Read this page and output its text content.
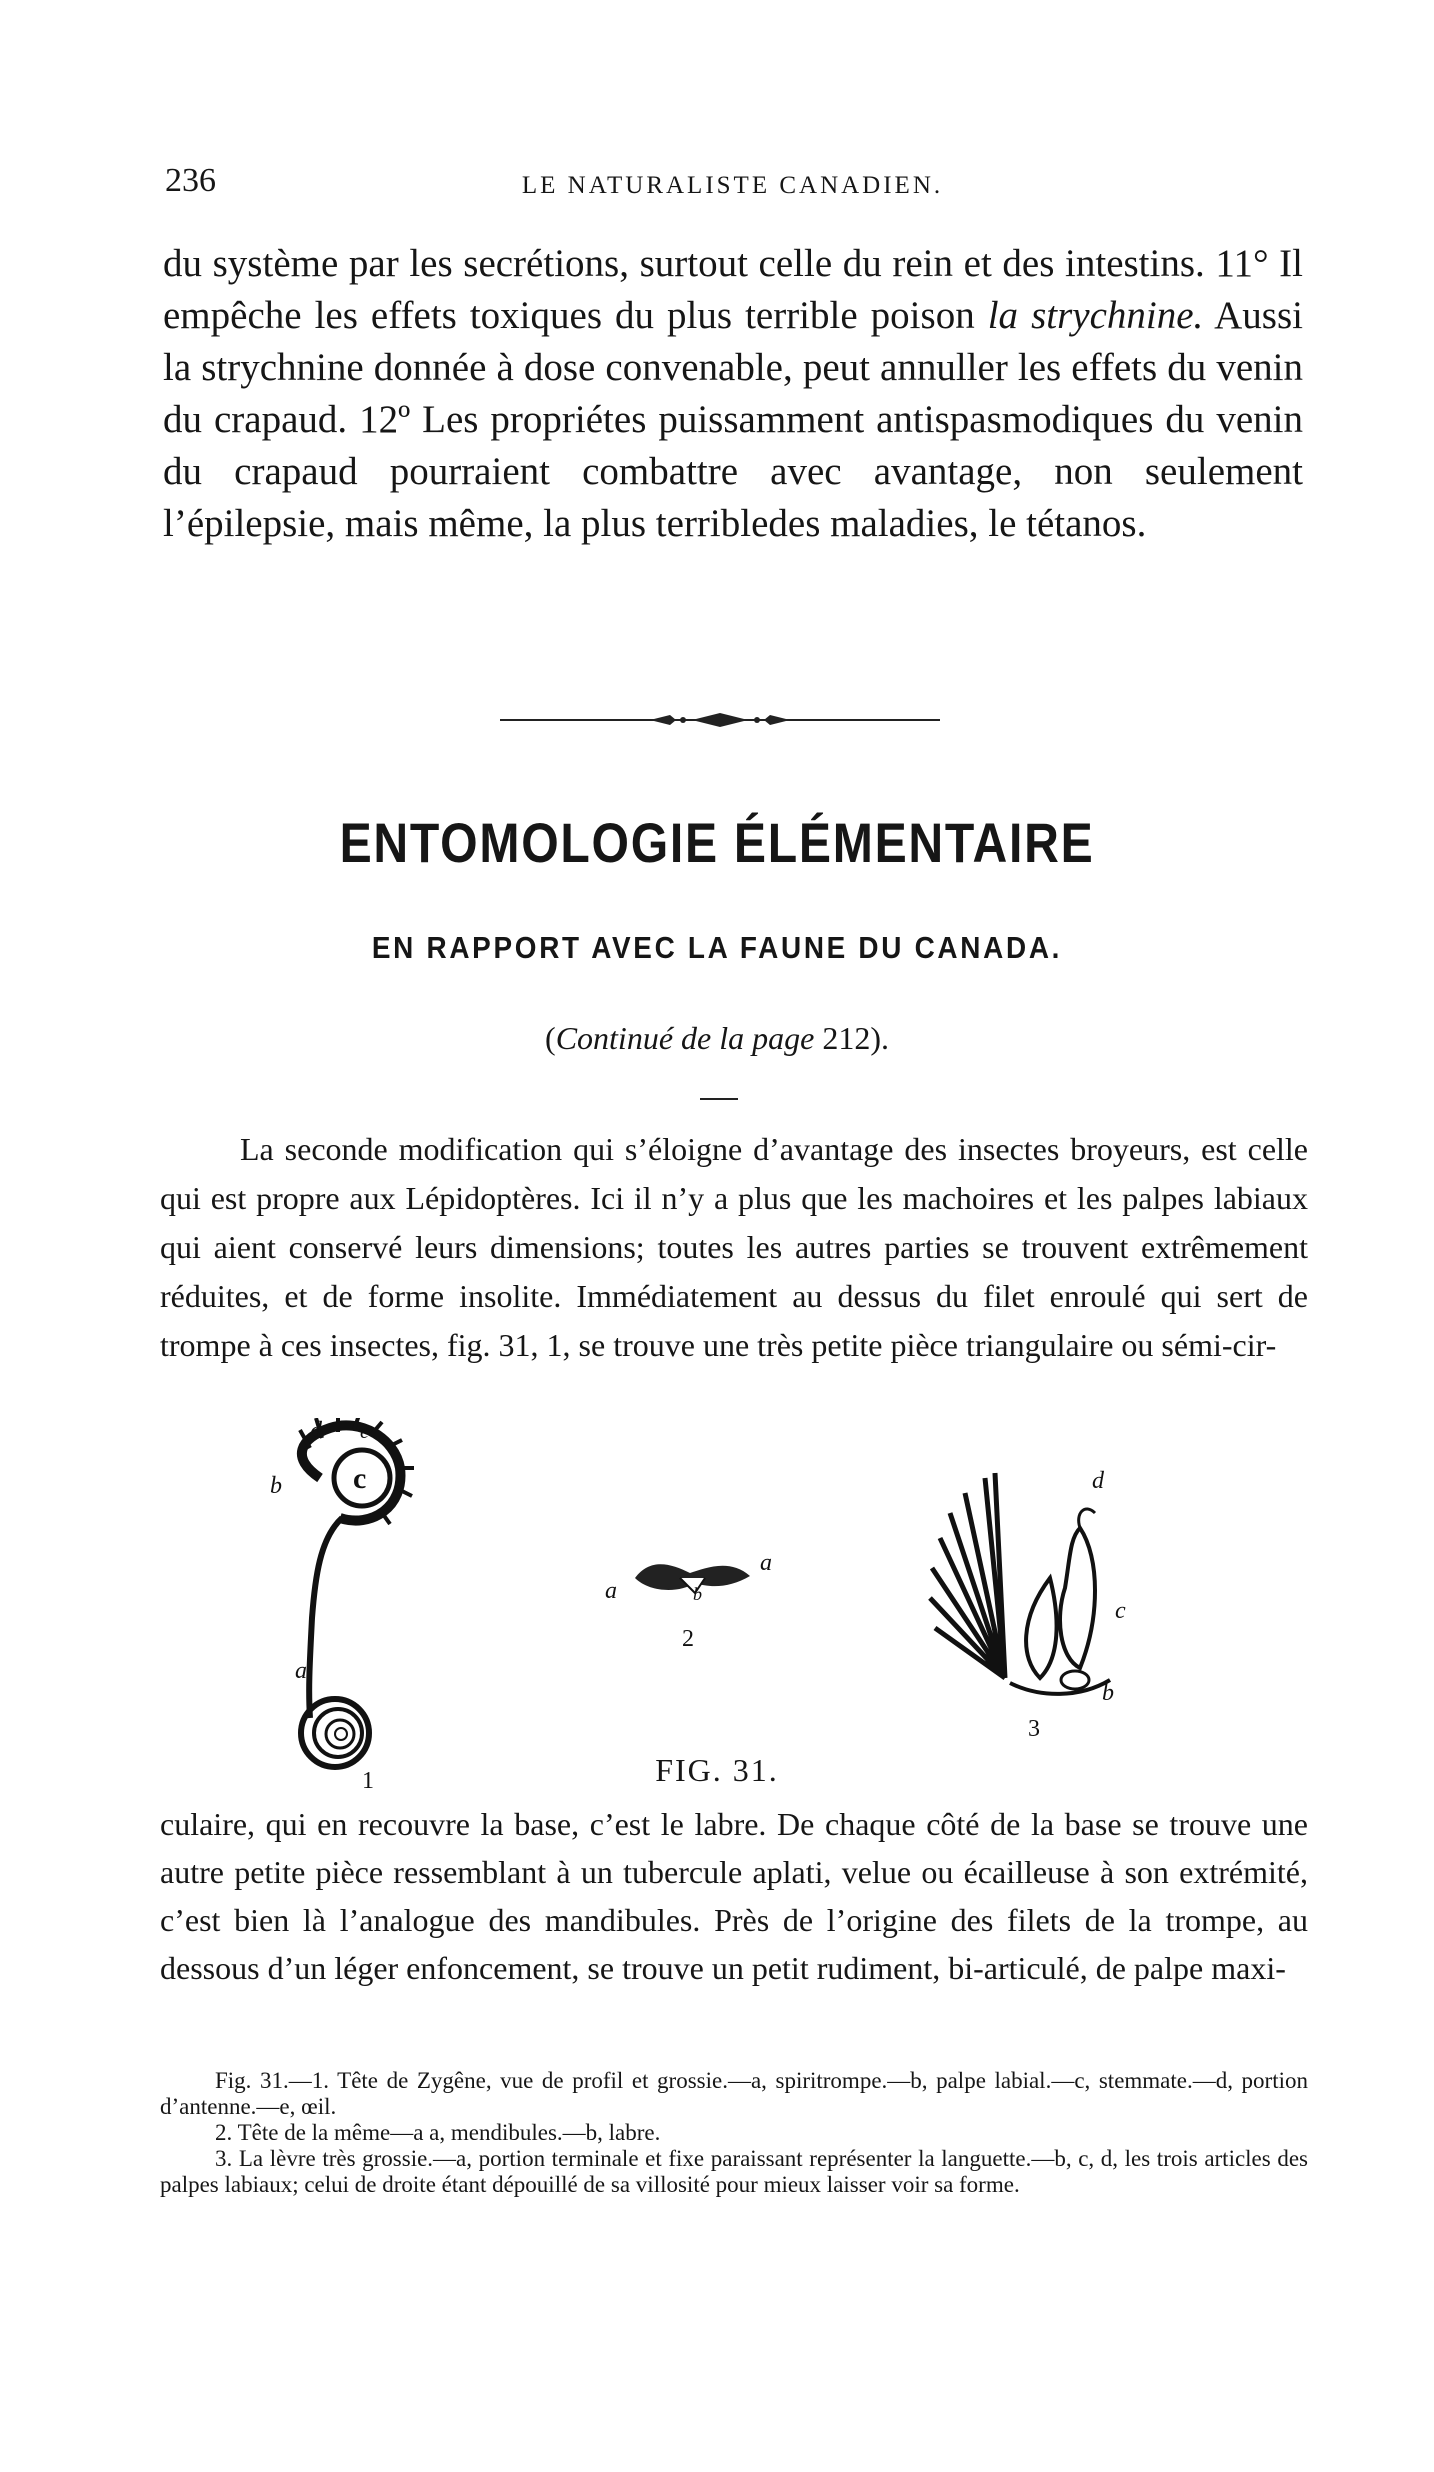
236	LE NATURALISTE CANADIEN.

du système par les secrétions, surtout celle du rein et des intestins. 11° Il empêche les effets toxiques du plus terrible poison la strychnine. Aussi la strychnine donnée à dose convenable, peut annuller les effets du venin du crapaud. 12º Les propriétes puissamment antispasmodiques du venin du crapaud pourraient combattre avec avantage, non seulement l’épilepsie, mais même, la plus terribledes maladies, le tétanos.

ENTOMOLOGIE ÉLÉMENTAIRE
EN RAPPORT AVEC LA FAUNE DU CANADA.
(Continué de la page 212).

La seconde modification qui s’éloigne d’avantage des insectes broyeurs, est celle qui est propre aux Lépidoptères. Ici il n’y a plus que les machoires et les palpes labiaux qui aient conservé leurs dimensions; toutes les autres parties se trouvent extrêmement réduites, et de forme insolite. Immédiatement au dessus du filet enroulé qui sert de trompe à ces insectes, fig. 31, 1, se trouve une très petite pièce triangulaire ou sémi-cir-

c
d e
b
a
1
a
a
b
2
d
c
b
3
FIG. 31.

culaire, qui en recouvre la base, c’est le labre. De chaque côté de la base se trouve une autre petite pièce ressemblant à un tubercule aplati, velue ou écailleuse à son extrémité, c’est bien là l’analogue des mandibules. Près de l’origine des filets de la trompe, au dessous d’un léger enfoncement, se trouve un petit rudiment, bi-articulé, de palpe maxi-

Fig. 31.—1. Tête de Zygêne, vue de profil et grossie.—a, spiritrompe.—b, palpe labial.—c, stemmate.—d, portion d’antenne.—e, œil.

2. Tête de la même—a a, mendibules.—b, labre.

3. La lèvre très grossie.—a, portion terminale et fixe paraissant représenter la languette.—b, c, d, les trois articles des palpes labiaux; celui de droite étant dépouillé de sa villosité pour mieux laisser voir sa forme.
